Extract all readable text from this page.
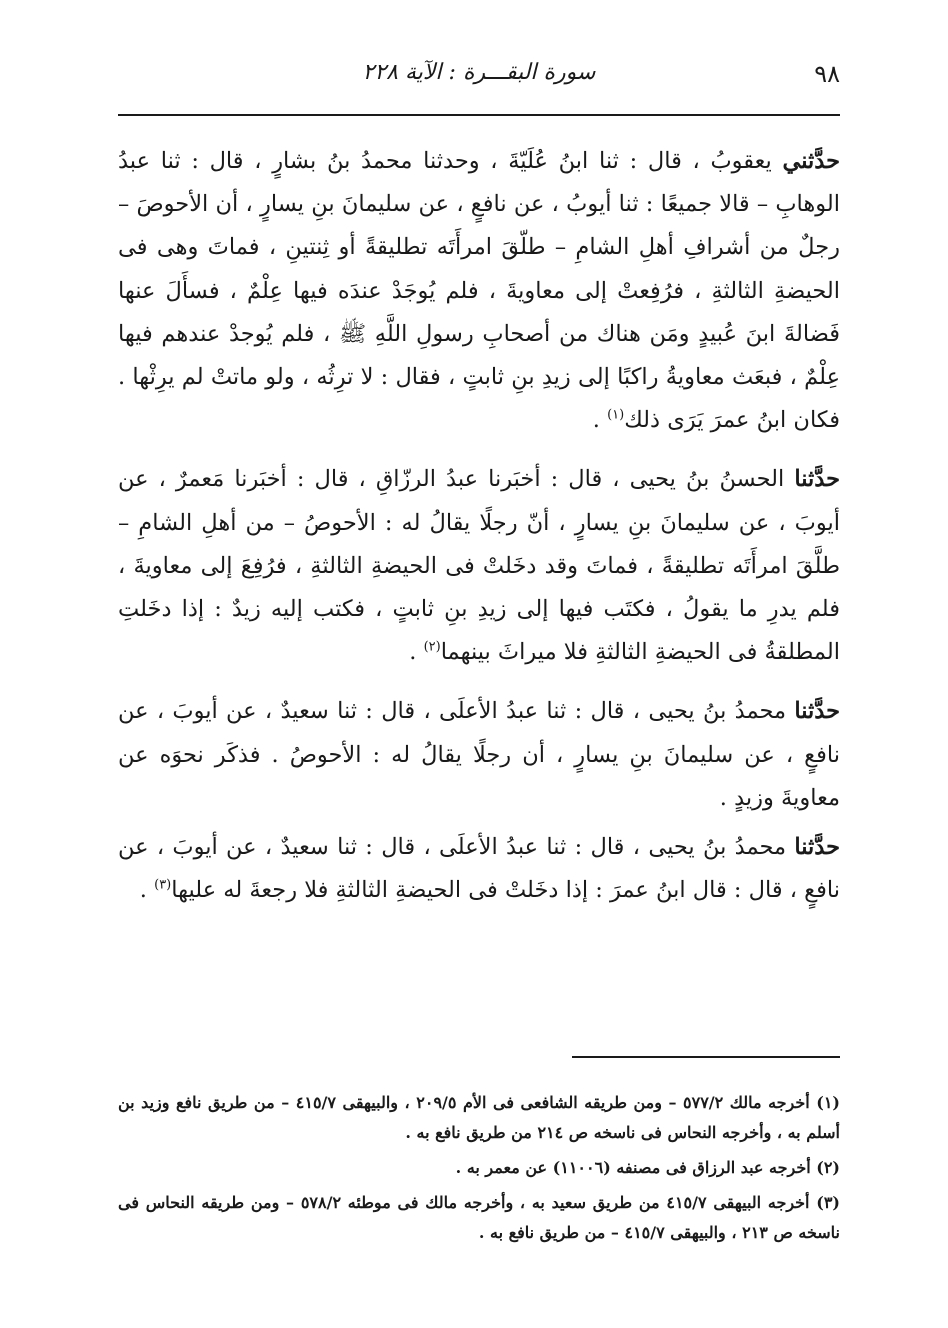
٩٨
سورة البقـــرة : الآية ٢٢٨

حدَّثني يعقوبُ ، قال : ثنا ابنُ عُلَيّةَ ، وحدثنا محمدُ بنُ بشارٍ ، قال : ثنا عبدُ الوهابِ – قالا جميعًا : ثنا أيوبُ ، عن نافعٍ ، عن سليمانَ بنِ يسارٍ ، أن الأحوصَ – رجلٌ من أشرافِ أهلِ الشامِ – طلّقَ امرأَتَه تطليقةً أو ثِنتينِ ، فماتَ وهى فى الحيضةِ الثالثةِ ، فرُفِعتْ إلى معاويةَ ، فلم يُوجَدْ عندَه فيها عِلْمٌ ، فسأَلَ عنها فَضالةَ ابنَ عُبيدٍ ومَن هناك من أصحابِ رسولِ اللَّهِ ﷺ ، فلم يُوجدْ عندهم فيها عِلْمٌ ، فبعَث معاويةُ راكبًا إلى زيدِ بنِ ثابتٍ ، فقال : لا ترِثُه ، ولو ماتتْ لم يرِثْها . فكان ابنُ عمرَ يَرَى ذلك$^{(١)}$ .

حدَّثنا الحسنُ بنُ يحيى ، قال : أخبَرنا عبدُ الرزّاقِ ، قال : أخبَرنا مَعمرٌ ، عن أيوبَ ، عن سليمانَ بنِ يسارٍ ، أنّ رجلًا يقالُ له : الأحوصُ – من أهلِ الشامِ – طلَّقَ امرأَتَه تطليقةً ، فماتَ وقد دخَلتْ فى الحيضةِ الثالثةِ ، فرُفِعَ إلى معاويةَ ، فلم يدرِ ما يقولُ ، فكتَب فيها إلى زيدِ بنِ ثابتٍ ، فكتب إليه زيدٌ : إذا دخَلتِ المطلقةُ فى الحيضةِ الثالثةِ فلا ميراثَ بينهما$^{(٢)}$ .

حدَّثنا محمدُ بنُ يحيى ، قال : ثنا عبدُ الأعلَى ، قال : ثنا سعيدٌ ، عن أيوبَ ، عن نافعٍ ، عن سليمانَ بنِ يسارٍ ، أن رجلًا يقالُ له : الأحوصُ . فذكَر نحوَه عن معاويةَ وزيدٍ .

حدَّثنا محمدُ بنُ يحيى ، قال : ثنا عبدُ الأعلَى ، قال : ثنا سعيدٌ ، عن أيوبَ ، عن نافعٍ ، قال : قال ابنُ عمرَ : إذا دخَلتْ فى الحيضةِ الثالثةِ فلا رجعةَ له عليها$^{(٣)}$ .

(١) أخرجه مالك ٥٧٧/٢ – ومن طريقه الشافعى فى الأم ٢٠٩/٥ ، والبيهقى ٤١٥/٧ – من طريق نافع وزيد بن أسلم به ، وأخرجه النحاس فى ناسخه ص ٢١٤ من طريق نافع به .

(٢) أخرجه عبد الرزاق فى مصنفه (١١٠٠٦) عن معمر به .

(٣) أخرجه البيهقى ٤١٥/٧ من طريق سعيد به ، وأخرجه مالك فى موطئه ٥٧٨/٢ – ومن طريقه النحاس فى ناسخه ص ٢١٣ ، والبيهقى ٤١٥/٧ – من طريق نافع به .
